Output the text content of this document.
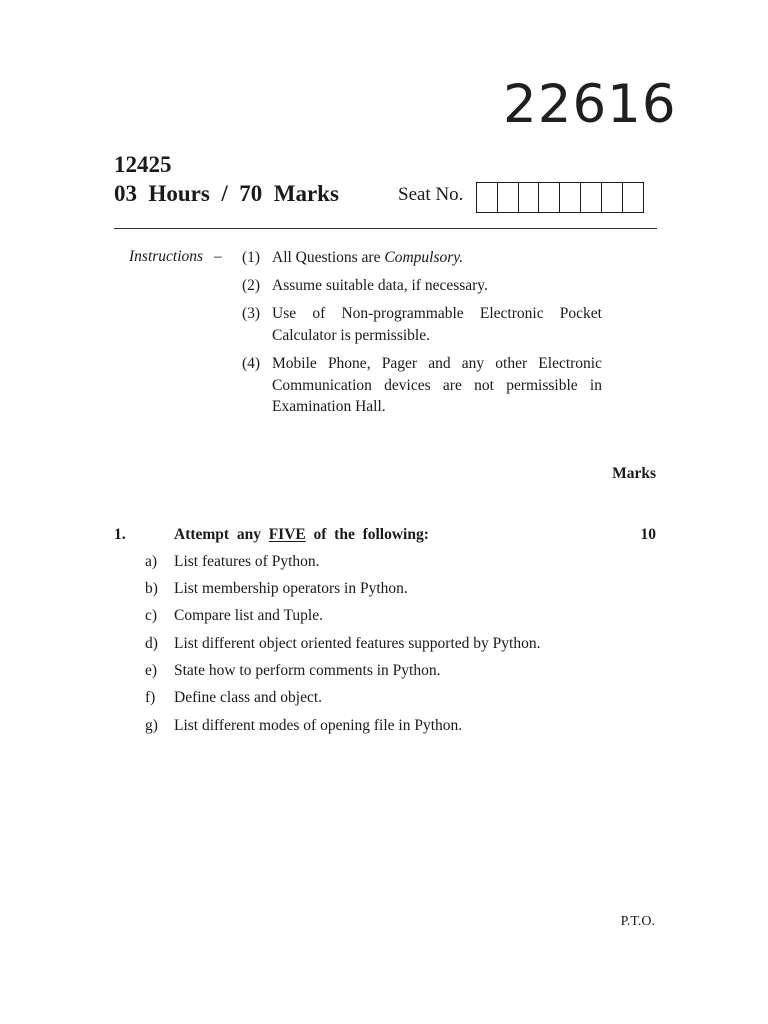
22616
12425
03  Hours  /  70  Marks	Seat No.
Instructions – (1) All Questions are Compulsory.
(2) Assume suitable data, if necessary.
(3) Use of Non-programmable Electronic Pocket Calculator is permissible.
(4) Mobile Phone, Pager and any other Electronic Communication devices are not permissible in Examination Hall.
Marks
1.	Attempt  any  FIVE  of  the  following:	10
a) List features of Python.
b) List membership operators in Python.
c) Compare list and Tuple.
d) List different object oriented features supported by Python.
e) State how to perform comments in Python.
f) Define class and object.
g) List different modes of opening file in Python.
P.T.O.
